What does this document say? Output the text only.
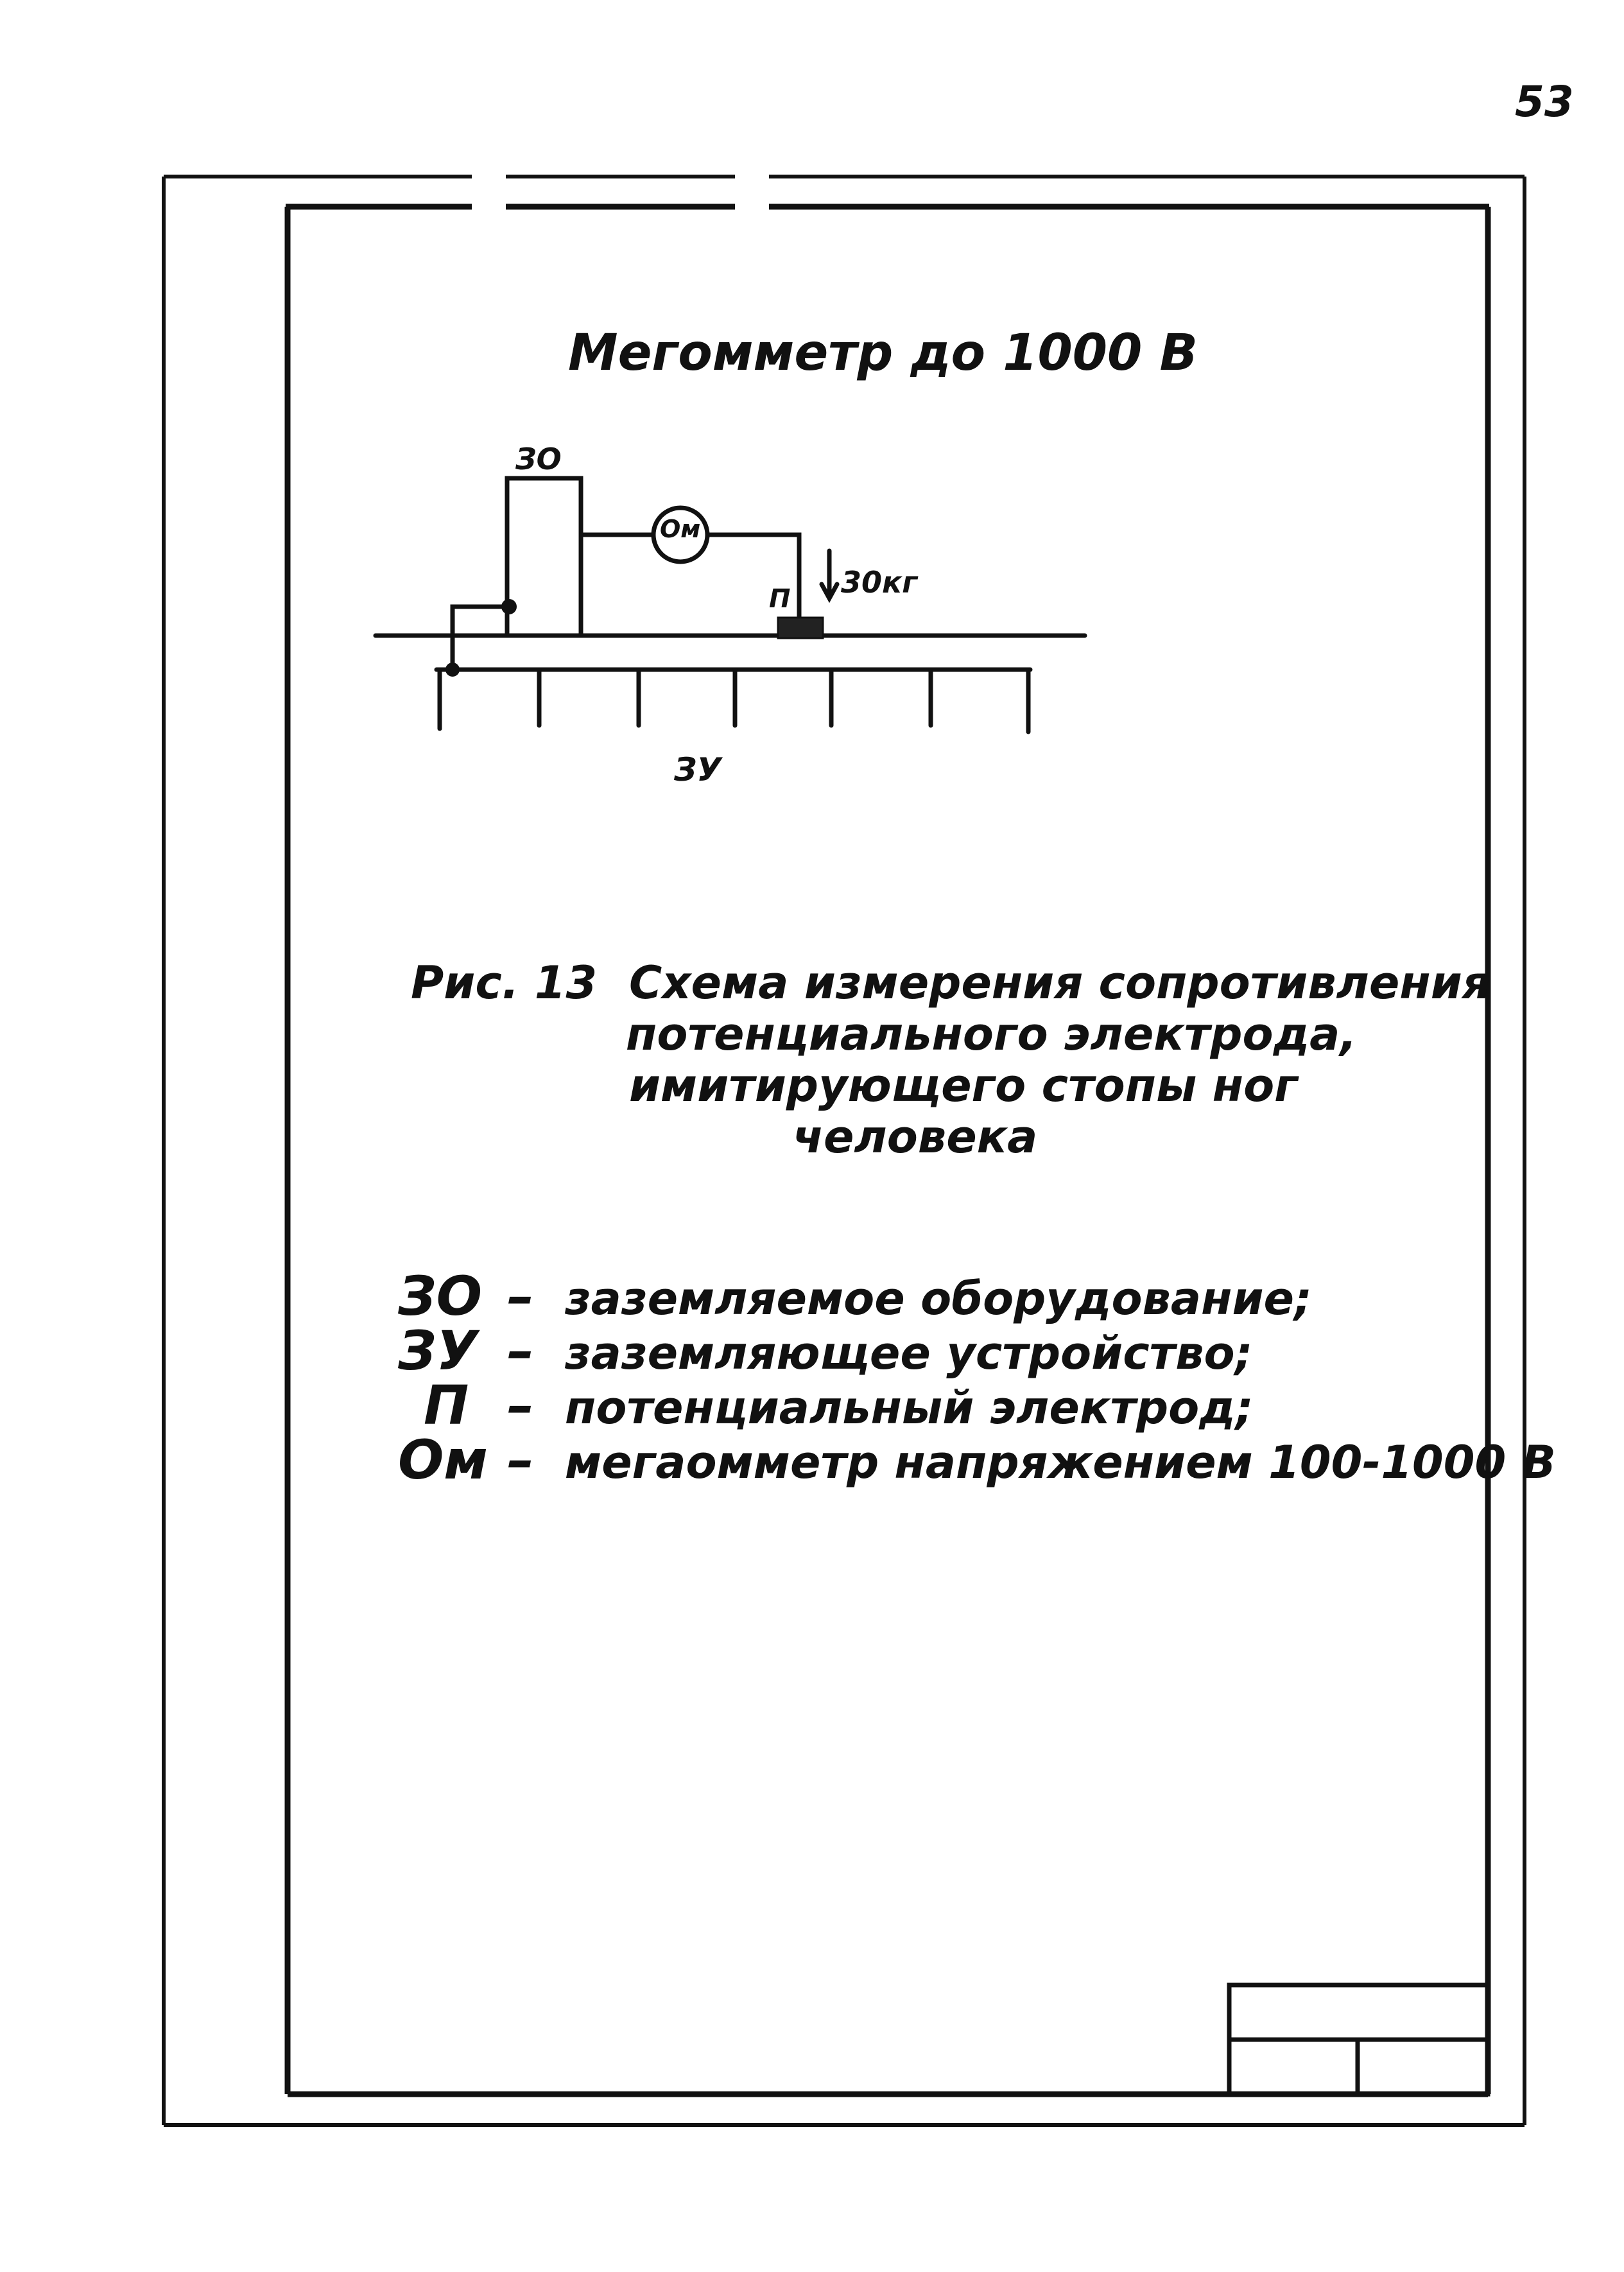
53
Мегомметр до 1000 В
ЗО
Ом
П 30кг
ЗУ
Рис. 13 Схема измерения сопротивления
потенциального электрода,
имитирующего стопы ног
человека
ЗО – заземляемое оборудование;
ЗУ – заземляющее устройство;
П – потенциальный электрод;
Ом – мегаомметр напряжением 100-1000 В
